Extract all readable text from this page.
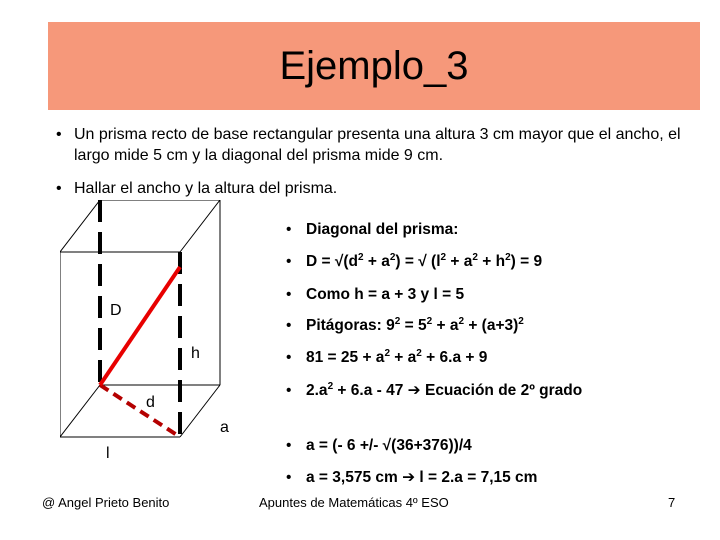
Ejemplo_3
• Un prisma recto de base rectangular presenta una altura 3 cm mayor que el ancho, el largo mide 5 cm y la diagonal del prisma mide 9 cm.
• Hallar el ancho y la altura del prisma.
D
h
d
a
l
• Diagonal del prisma:
• $D = √(d^2 + a^2)$ = √ $(l^2 + a^2 + h^2) = 9$
• Como h = a + 3 y l = 5
• Pitágoras: $9^2 = 5^2 + a^2 + (a+3)^2$
• $81 = 25 + a^2 + a^2 + 6.a + 9$
• $2.a^2 + 6.a - 47$ ➔ Ecuación de 2º grado
• a = (- 6 +/- √(36+376))/4
• a = 3,575 cm ➔ l = 2.a = 7,15 cm
@ Angel Prieto Benito	Apuntes de Matemáticas 4º ESO	7
